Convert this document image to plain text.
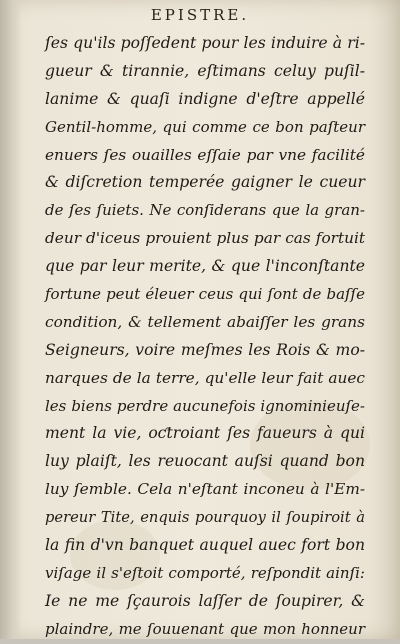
EPISTRE.
ſes qu'ils poſſedent pour les induire à ri-
gueur & tirannie, eſtimans celuy puſil-
lanime & quaſi indigne d'eſtre appellé
Gentil-homme, qui comme ce bon paſteur
enuers ſes ouailles eſſaie par vne facilité
& diſcretion temperée gaigner le cueur
de ſes ſuiets. Ne conſiderans que la gran-
deur d'iceus prouient plus par cas fortuit
que par leur merite, & que l'inconſtante
fortune peut éleuer ceus qui ſont de baſſe
condition, & tellement abaiſſer les grans
Seigneurs, voire meſmes les Rois & mo-
narques de la terre, qu'elle leur fait auec
les biens perdre aucunefois ignominieuſe-
ment la vie, oƈtroiant ſes faueurs à qui
luy plaiſt, les reuocant auſsi quand bon
luy ſemble. Cela n'eſtant inconeu à l'Em-
pereur Tite, enquis pourquoy il ſoupiroit à
la fin d'vn banquet auquel auec fort bon
viſage il s'eſtoit comporté, reſpondit ainſi:
Ie ne me ſçaurois laſſer de ſoupirer, &
plaindre, me ſouuenant que mon honneur
